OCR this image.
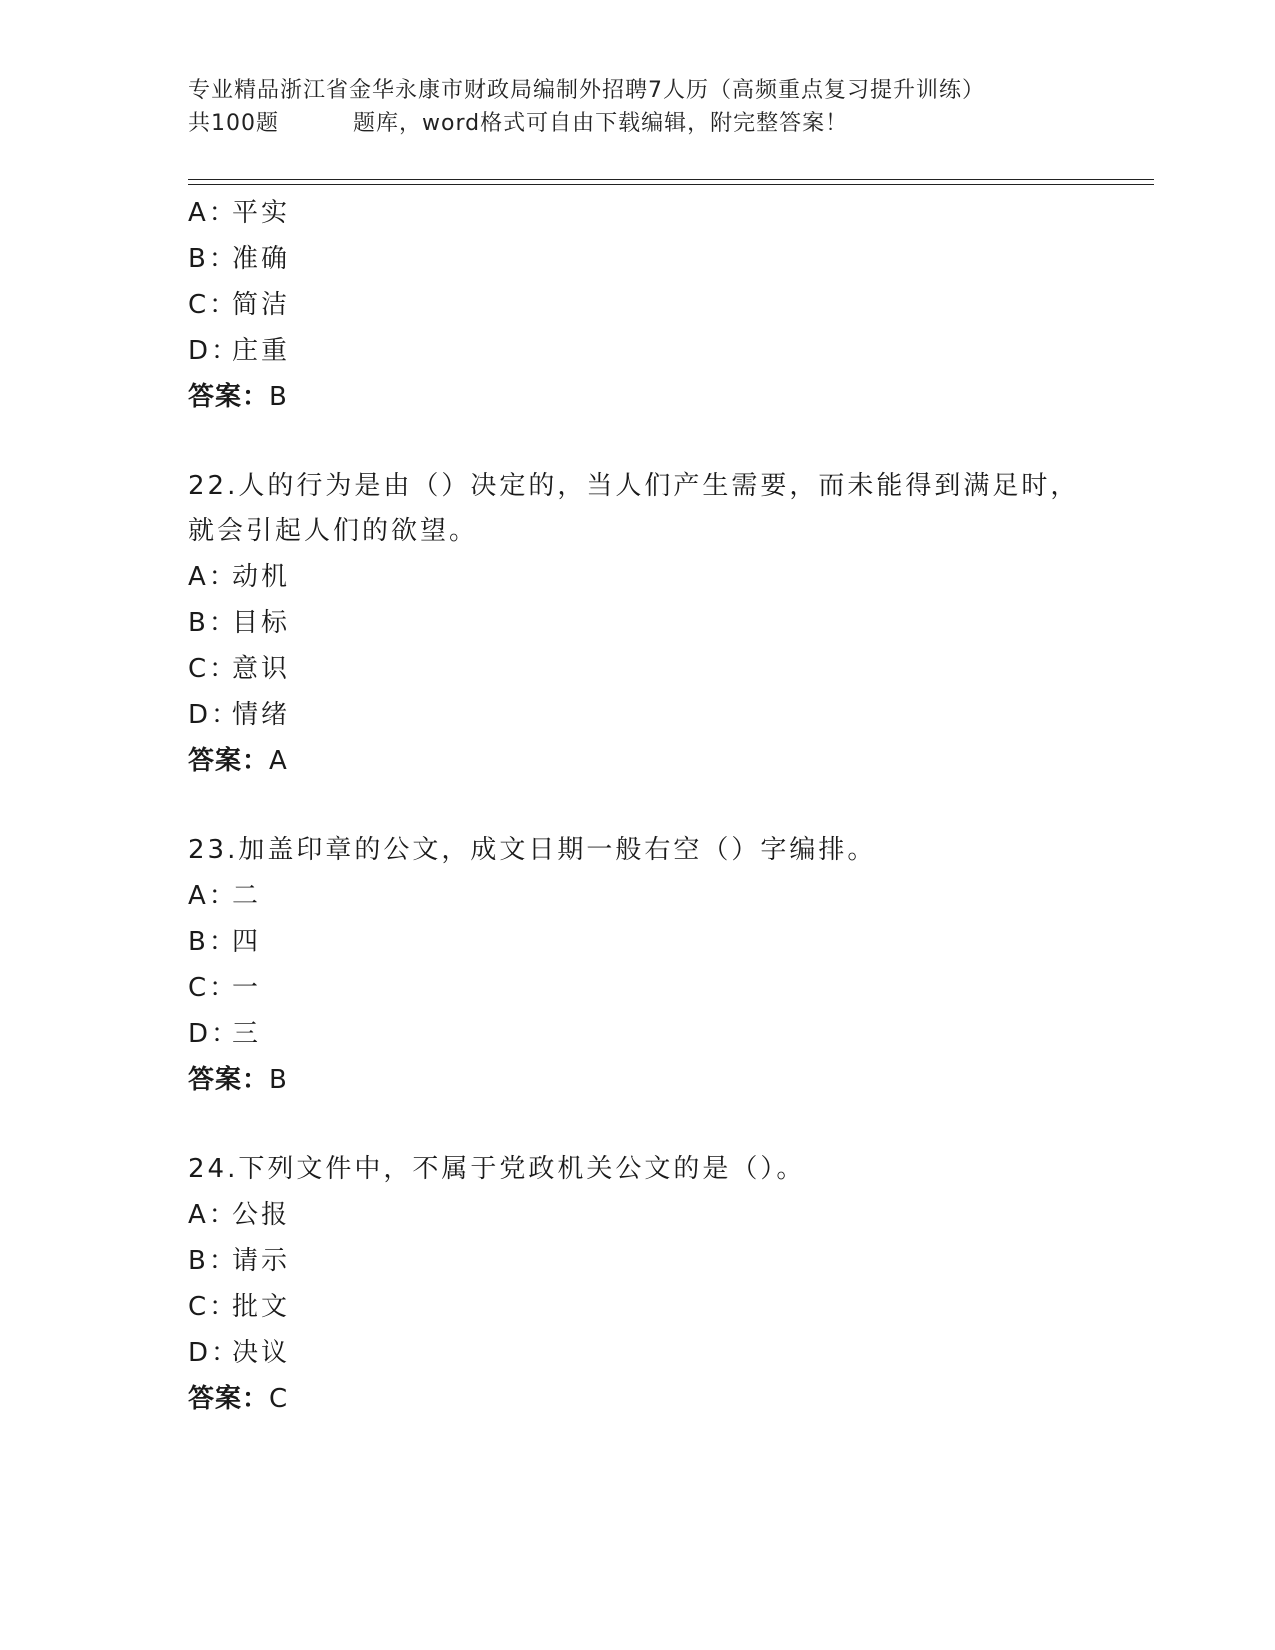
专业精品浙江省金华永康市财政局编制外招聘7人历（高频重点复习提升训练）
共100题	题库，word格式可自由下载编辑，附完整答案！
A：平实
B：准确
C：简洁
D：庄重
答案：B
22.人的行为是由（）决定的，当人们产生需要，而未能得到满足时，就会引起人们的欲望。
A：动机
B：目标
C：意识
D：情绪
答案：A
23.加盖印章的公文，成文日期一般右空（）字编排。
A：二
B：四
C：一
D：三
答案：B
24.下列文件中，不属于党政机关公文的是（）。
A：公报
B：请示
C：批文
D：决议
答案：C
